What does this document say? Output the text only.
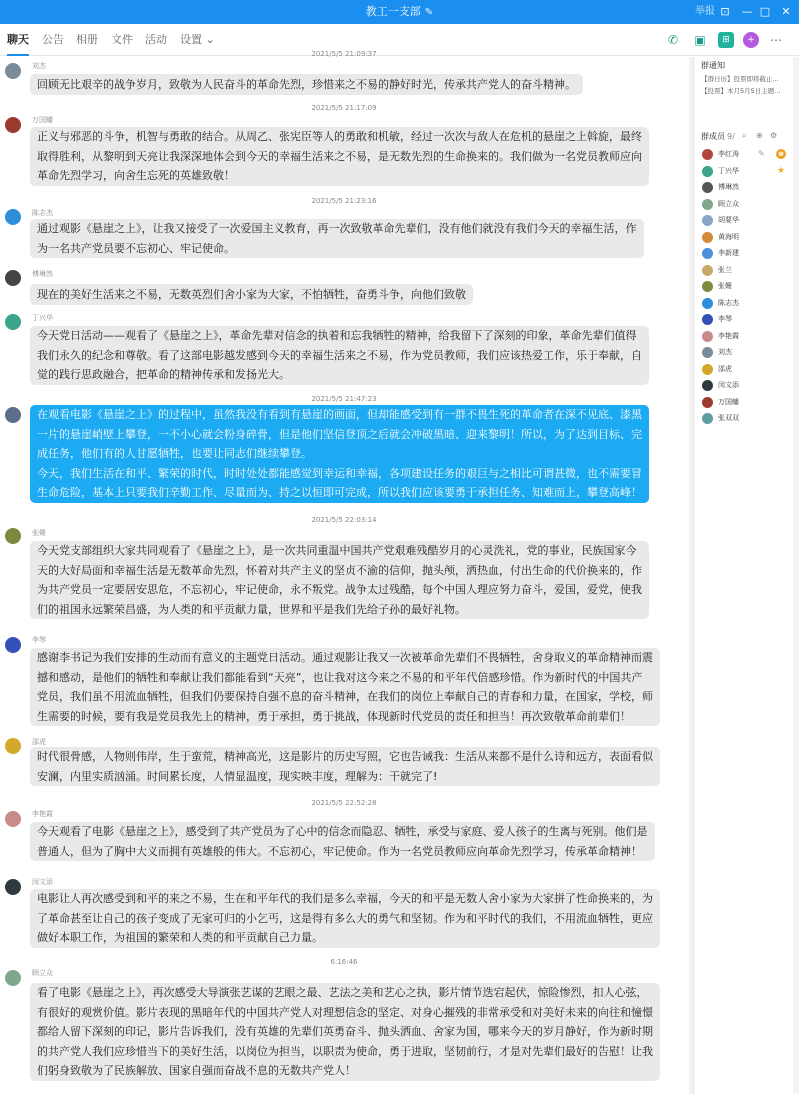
教工一支部 ✎	举报 ⊡	— □	✕
聊天 公告 相册 文件 活动 设置 ⌄	✆ ▣	⊞	+	⋯
2021/5/5 21:09:37
刘杰
回顾无比艰辛的战争岁月，致敬为人民奋斗的革命先烈，珍惜来之不易的静好时光，传承共产党人的奋斗精神。
2021/5/5 21:17:09
万国蟠
正义与邪恶的斗争，机智与勇敢的结合。从周乙、张宪臣等人的勇敢和机敏，经过一次次与敌人在危机的悬崖之上斡旋，最终
取得胜利，从黎明到天亮让我深深地体会到今天的幸福生活来之不易，是无数先烈的生命换来的。我们做为一名党员教师应向
革命先烈学习，向舍生忘死的英雄致敬！
2021/5/5 21:23:16
陈志杰
通过观影《悬崖之上》，让我又接受了一次爱国主义教育，再一次致敬革命先辈们，没有他们就没有我们今天的幸福生活，作
为一名共产党员要不忘初心、牢记使命。
傅琳然
现在的美好生活来之不易，无数英烈们舍小家为大家，不怕牺牲，奋勇斗争，向他们致敬
丁兴华
今天党日活动——观看了《悬崖之上》，革命先辈对信念的执着和忘我牺牲的精神，给我留下了深刻的印象，革命先辈们值得
我们永久的纪念和尊敬。看了这部电影越发感到今天的幸福生活来之不易，作为党员教师，我们应该热爱工作，乐于奉献，自
觉的践行思政融合，把革命的精神传承和发扬光大。
2021/5/5 21:47:23
在观看电影《悬崖之上》的过程中，虽然我没有看到有悬崖的画面，但却能感受到有一群不畏生死的革命者在深不见底、漆黑
一片的悬崖峭壁上攀登，一不小心就会粉身碎骨，但是他们坚信登顶之后就会冲破黑暗、迎来黎明！所以，为了达到目标、完
成任务，他们有的人甘愿牺牲，也要让同志们继续攀登。
今天，我们生活在和平、繁荣的时代，时时处处都能感觉到幸运和幸福，各项建设任务的艰巨与之相比可谓甚微，也不需要冒
生命危险，基本上只要我们辛勤工作、尽量而为、持之以恒即可完成，所以我们应该要勇于承担任务、知难而上，攀登高峰！
2021/5/5 22:03:14
张姗
今天党支部组织大家共同观看了《悬崖之上》，是一次共同重温中国共产党艰难残酷岁月的心灵洗礼，党的事业，民族国家今
天的大好局面和幸福生活是无数革命先烈，怀着对共产主义的坚贞不渝的信仰，抛头颅，洒热血，付出生命的代价换来的，作
为共产党员一定要居安思危，不忘初心，牢记使命，永不叛党。战争太过残酷，每个中国人理应努力奋斗，爱国，爱党，使我
们的祖国永远繁荣昌盛，为人类的和平贡献力量，世界和平是我们先给子孙的最好礼物。
李琴
感谢李书记为我们安排的生动而有意义的主题党日活动。通过观影让我又一次被革命先辈们不畏牺牲，舍身取义的革命精神而震
撼和感动，是他们的牺牲和奉献让我们都能看到“天亮”，也让我对这今来之不易的和平年代倍感珍惜。作为新时代的中国共产
党员，我们虽不用流血牺牲，但我们仍要保持自强不息的奋斗精神，在我们的岗位上奉献自己的青春和力量，在国家，学校，师
生需要的时候，要有我是党员我先上的精神，勇于承担，勇于挑战，体现新时代党员的责任和担当！再次致敬革命前辈们！
邵虎
时代很骨感，人物则伟岸，生于蛮荒，精神高光，这是影片的历史写照，它也告诫我：生活从来都不是什么诗和远方，表面看似
安澜，内里实质汹涌。时间累长度，人情显温度，现实映丰度，理解为：干就完了!
2021/5/5 22:52:28
李艳霞
今天观看了电影《悬崖之上》，感受到了共产党员为了心中的信念而隐忍、牺牲，承受与家庭、爱人孩子的生离与死别。他们是
普通人，但为了胸中大义而拥有英雄般的伟大。不忘初心，牢记使命。作为一名党员教师应向革命先烈学习，传承革命精神！
闵文添
电影让人再次感受到和平的来之不易，生在和平年代的我们是多么幸福，今天的和平是无数人舍小家为大家拼了性命换来的，为
了革命甚至让自己的孩子变成了无家可归的小乞丐，这是得有多么大的勇气和坚韧。作为和平时代的我们，不用流血牺牲，更应
做好本职工作，为祖国的繁荣和人类的和平贡献自己力量。
6:16:46
顾立众
看了电影《悬崖之上》，再次感受大导演张艺谋的艺眼之最、艺法之美和艺心之执，影片情节迭宕起伏，惊险惨烈，扣人心弦，
有很好的观赏价值。影片表现的黑暗年代的中国共产党人对理想信念的坚定、对身心摧残的非常承受和对美好未来的向往和憧憬
都给人留下深刻的印记，影片告诉我们，没有英雄的先辈们英勇奋斗、抛头洒血、舍家为国，哪来今天的岁月静好，作为新时期
的共产党人我们应珍惜当下的美好生活，以岗位为担当，以职责为使命，勇于进取，坚韧前行，才是对先辈们最好的告慰！让我
们躬身致敬为了民族解放、国家自强而奋战不息的无数共产党人！
群通知
【群日历】投票即将截止...
【投票】本月5月5日主题...
群成员 9/ ⌕ ⊕ ⚙
李红涛 ✎ ♚
丁兴华	★
傅琳然
顾立众
胡要华
黄海明
李新建
张兰
张姗
陈志杰
李琴
李艳霞
刘杰
邵虎
闵文添
万国蟠
张双双
